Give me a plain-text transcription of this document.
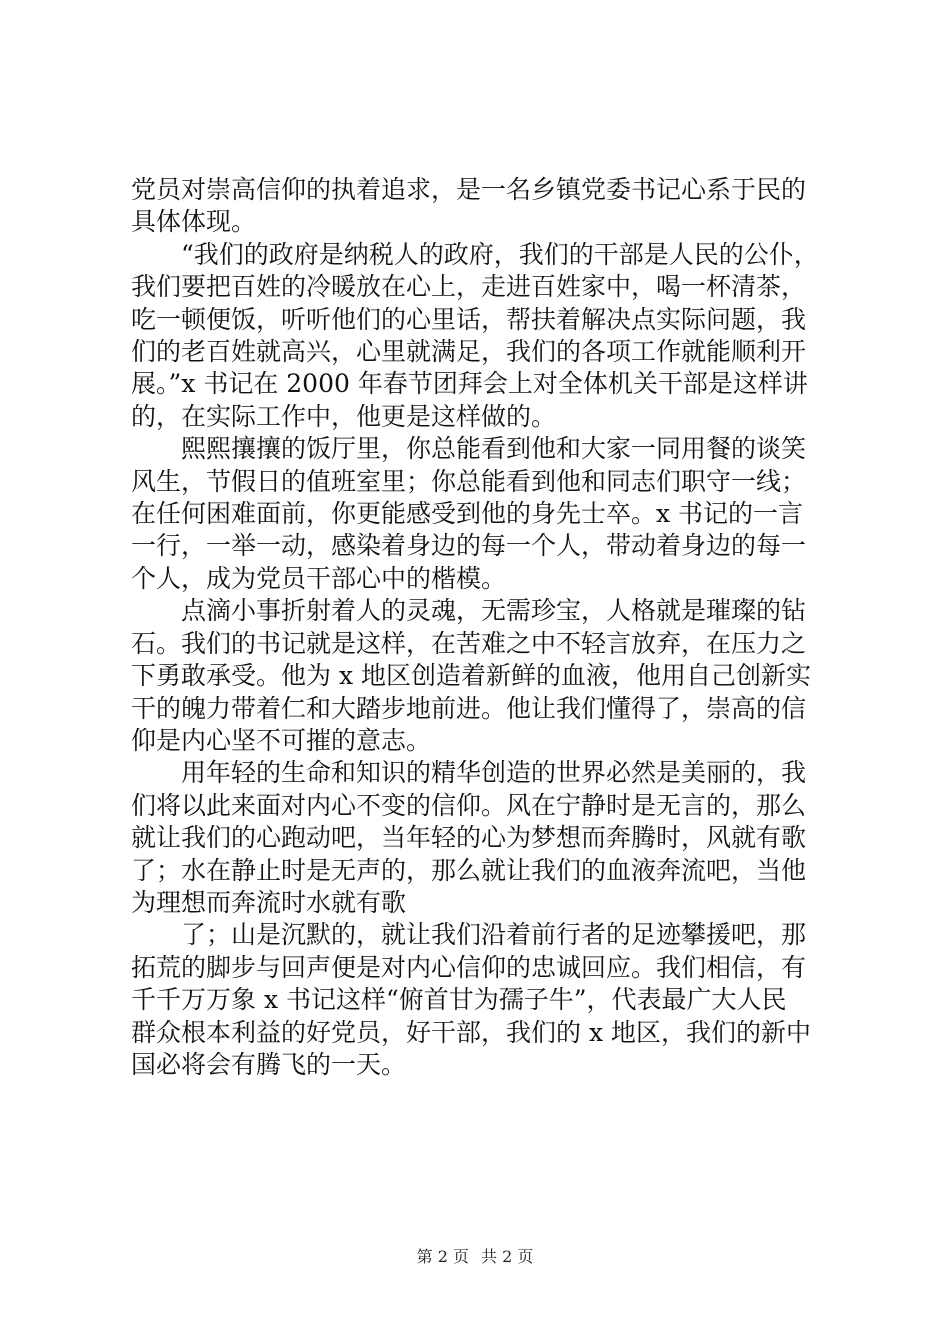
党员对崇高信仰的执着追求，是一名乡镇党委书记心系于民的
具体体现。

“我们的政府是纳税人的政府，我们的干部是人民的公仆，
我们要把百姓的冷暖放在心上，走进百姓家中，喝一杯清茶，
吃一顿便饭，听听他们的心里话，帮扶着解决点实际问题，我
们的老百姓就高兴，心里就满足，我们的各项工作就能顺利开
展。”x 书记在 2000 年春节团拜会上对全体机关干部是这样讲
的，在实际工作中，他更是这样做的。

熙熙攘攘的饭厅里，你总能看到他和大家一同用餐的谈笑
风生，节假日的值班室里；你总能看到他和同志们职守一线；
在任何困难面前，你更能感受到他的身先士卒。x 书记的一言
一行，一举一动，感染着身边的每一个人，带动着身边的每一
个人，成为党员干部心中的楷模。

点滴小事折射着人的灵魂，无需珍宝，人格就是璀璨的钻
石。我们的书记就是这样，在苦难之中不轻言放弃，在压力之
下勇敢承受。他为 x 地区创造着新鲜的血液，他用自己创新实
干的魄力带着仁和大踏步地前进。他让我们懂得了，崇高的信
仰是内心坚不可摧的意志。

用年轻的生命和知识的精华创造的世界必然是美丽的，我
们将以此来面对内心不变的信仰。风在宁静时是无言的，那么
就让我们的心跑动吧，当年轻的心为梦想而奔腾时，风就有歌
了；水在静止时是无声的，那么就让我们的血液奔流吧，当他
为理想而奔流时水就有歌

了；山是沉默的，就让我们沿着前行者的足迹攀援吧，那
拓荒的脚步与回声便是对内心信仰的忠诚回应。我们相信，有
千千万万象 x 书记这样“俯首甘为孺子牛”，代表最广大人民
群众根本利益的好党员，好干部，我们的 x 地区，我们的新中
国必将会有腾飞的一天。

第 2 页 共 2 页
